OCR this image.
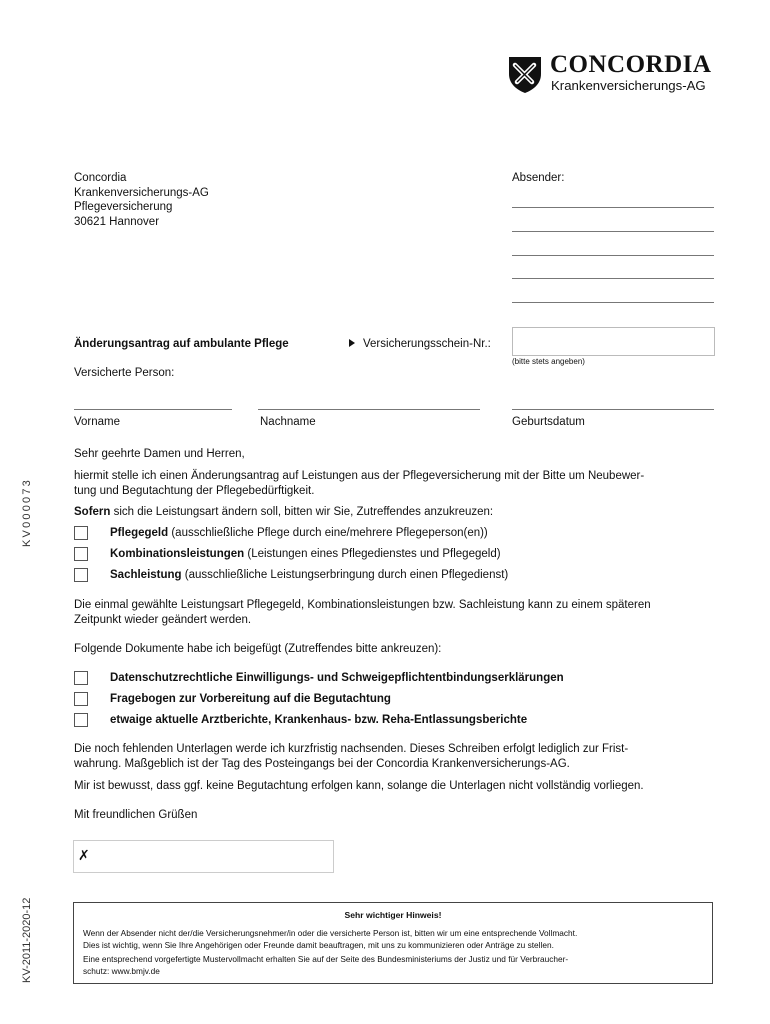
CONCORDIA
Krankenversicherungs-AG
Concordia
Krankenversicherungs-AG
Pflegeversicherung
30621 Hannover
Absender:
Änderungsantrag auf ambulante Pflege	Versicherungsschein-Nr.:
(bitte stets angeben)
Versicherte Person:
Vorname	Nachname	Geburtsdatum
Sehr geehrte Damen und Herren,
hiermit stelle ich einen Änderungsantrag auf Leistungen aus der Pflegeversicherung mit der Bitte um Neubewer-
tung und Begutachtung der Pflegebedürftigkeit.
Sofern sich die Leistungsart ändern soll, bitten wir Sie, Zutreffendes anzukreuzen:
Pflegegeld (ausschließliche Pflege durch eine/mehrere Pflegeperson(en))
Kombinationsleistungen (Leistungen eines Pflegedienstes und Pflegegeld)
Sachleistung (ausschließliche Leistungserbringung durch einen Pflegedienst)
Die einmal gewählte Leistungsart Pflegegeld, Kombinationsleistungen bzw. Sachleistung kann zu einem späteren
Zeitpunkt wieder geändert werden.
Folgende Dokumente habe ich beigefügt (Zutreffendes bitte ankreuzen):
Datenschutzrechtliche Einwilligungs- und Schweigepflichtentbindungserklärungen
Fragebogen zur Vorbereitung auf die Begutachtung
etwaige aktuelle Arztberichte, Krankenhaus- bzw. Reha-Entlassungsberichte
Die noch fehlenden Unterlagen werde ich kurzfristig nachsenden. Dieses Schreiben erfolgt lediglich zur Frist-
wahrung. Maßgeblich ist der Tag des Posteingangs bei der Concordia Krankenversicherungs-AG.
Mir ist bewusst, dass ggf. keine Begutachtung erfolgen kann, solange die Unterlagen nicht vollständig vorliegen.
Mit freundlichen Grüßen
✗
Sehr wichtiger Hinweis!
Wenn der Absender nicht der/die Versicherungsnehmer/in oder die versicherte Person ist, bitten wir um eine entsprechende Vollmacht.
Dies ist wichtig, wenn Sie Ihre Angehörigen oder Freunde damit beauftragen, mit uns zu kommunizieren oder Anträge zu stellen.
Eine entsprechend vorgefertigte Mustervollmacht erhalten Sie auf der Seite des Bundesministeriums der Justiz und für Verbraucher-
schutz: www.bmjv.de
KV000073
KV-2011-2020-12
